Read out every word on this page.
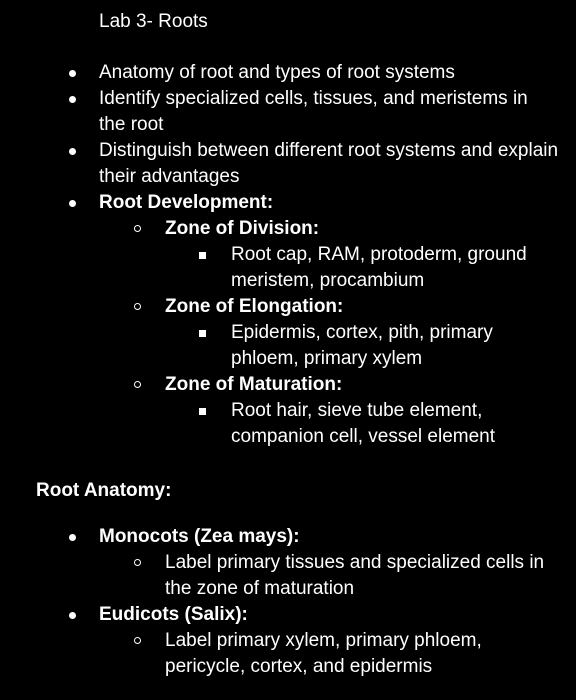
Lab 3- Roots
Anatomy of root and types of root systems
Identify specialized cells, tissues, and meristems in the root
Distinguish between different root systems and explain their advantages
Root Development:
Zone of Division:
Root cap, RAM, protoderm, ground meristem, procambium
Zone of Elongation:
Epidermis, cortex, pith, primary phloem, primary xylem
Zone of Maturation:
Root hair, sieve tube element, companion cell, vessel element
Root Anatomy:
Monocots (Zea mays):
Label primary tissues and specialized cells in the zone of maturation
Eudicots (Salix):
Label primary xylem, primary phloem, pericycle, cortex, and epidermis
